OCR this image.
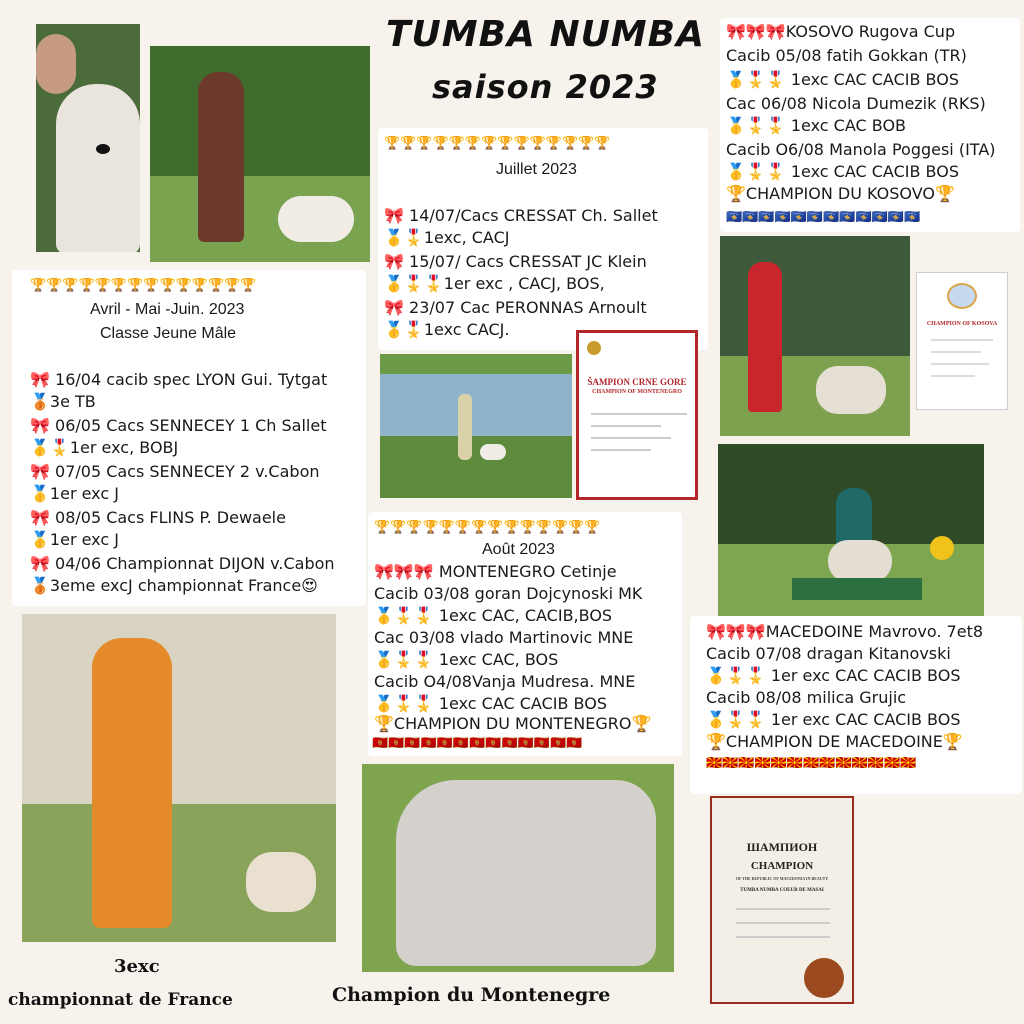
TUMBA NUMBA
saison 2023
🏆🏆🏆🏆🏆🏆🏆🏆🏆🏆🏆🏆🏆🏆
Avril - Mai -Juin. 2023
Classe Jeune Mâle
🎀 16/04 cacib spec LYON Gui. Tytgat
🥉3e TB
🎀 06/05 Cacs SENNECEY 1 Ch Sallet
🥇🎖️1er exc, BOBJ
🎀 07/05 Cacs SENNECEY 2 v.Cabon
🥇1er exc J
🎀 08/05 Cacs FLINS P. Dewaele
🥇1er exc J
🎀 04/06 Championnat DIJON v.Cabon
🥉3eme excJ championnat France😍
🏆🏆🏆🏆🏆🏆🏆🏆🏆🏆🏆🏆🏆🏆
Juillet 2023
🎀 14/07/Cacs CRESSAT Ch. Sallet
🥇🎖️1exc, CACJ
🎀 15/07/ Cacs CRESSAT JC Klein
🥇🎖️🎖️1er exc , CACJ, BOS,
🎀 23/07 Cac PERONNAS Arnoult
🥇🎖️1exc CACJ.
ŠAMPION CRNE GORE
CHAMPION OF MONTENEGRO
🏆🏆🏆🏆🏆🏆🏆🏆🏆🏆🏆🏆🏆🏆
Août 2023
🎀🎀🎀 MONTENEGRO Cetinje
Cacib 03/08 goran Dojcynoski MK
🥇🎖️🎖️ 1exc CAC, CACIB,BOS
Cac 03/08 vlado Martinovic MNE
🥇🎖️🎖️ 1exc CAC, BOS
Cacib O4/08Vanja Mudresa. MNE
🥇🎖️🎖️ 1exc CAC CACIB BOS
🏆CHAMPION DU MONTENEGRO🏆
🇲🇪🇲🇪🇲🇪🇲🇪🇲🇪🇲🇪🇲🇪🇲🇪🇲🇪🇲🇪🇲🇪🇲🇪🇲🇪
🎀🎀🎀KOSOVO Rugova Cup
Cacib 05/08 fatih Gokkan (TR)
🥇🎖️🎖️ 1exc CAC CACIB BOS
Cac 06/08 Nicola Dumezik (RKS)
🥇🎖️🎖️ 1exc CAC BOB
Cacib O6/08 Manola Poggesi (ITA)
🥇🎖️🎖️ 1exc CAC CACIB BOS
🏆CHAMPION DU KOSOVO🏆
🇽🇰🇽🇰🇽🇰🇽🇰🇽🇰🇽🇰🇽🇰🇽🇰🇽🇰🇽🇰🇽🇰🇽🇰
CHAMPION OF KOSOVA
🎀🎀🎀MACEDOINE Mavrovo. 7et8
Cacib 07/08 dragan Kitanovski
🥇🎖️🎖️ 1er exc CAC CACIB BOS
Cacib 08/08 milica Grujic
🥇🎖️🎖️ 1er exc CAC CACIB BOS
🏆CHAMPION DE MACEDOINE🏆
🇲🇰🇲🇰🇲🇰🇲🇰🇲🇰🇲🇰🇲🇰🇲🇰🇲🇰🇲🇰🇲🇰🇲🇰🇲🇰
ШАМПИОН
CHAMPION
OF THE REPUBLIC OF MACEDONIA IN BEAUTY
TUMBA NUMBA COEUR DE MASAI
3exc
championnat de France	Champion du Montenegre
